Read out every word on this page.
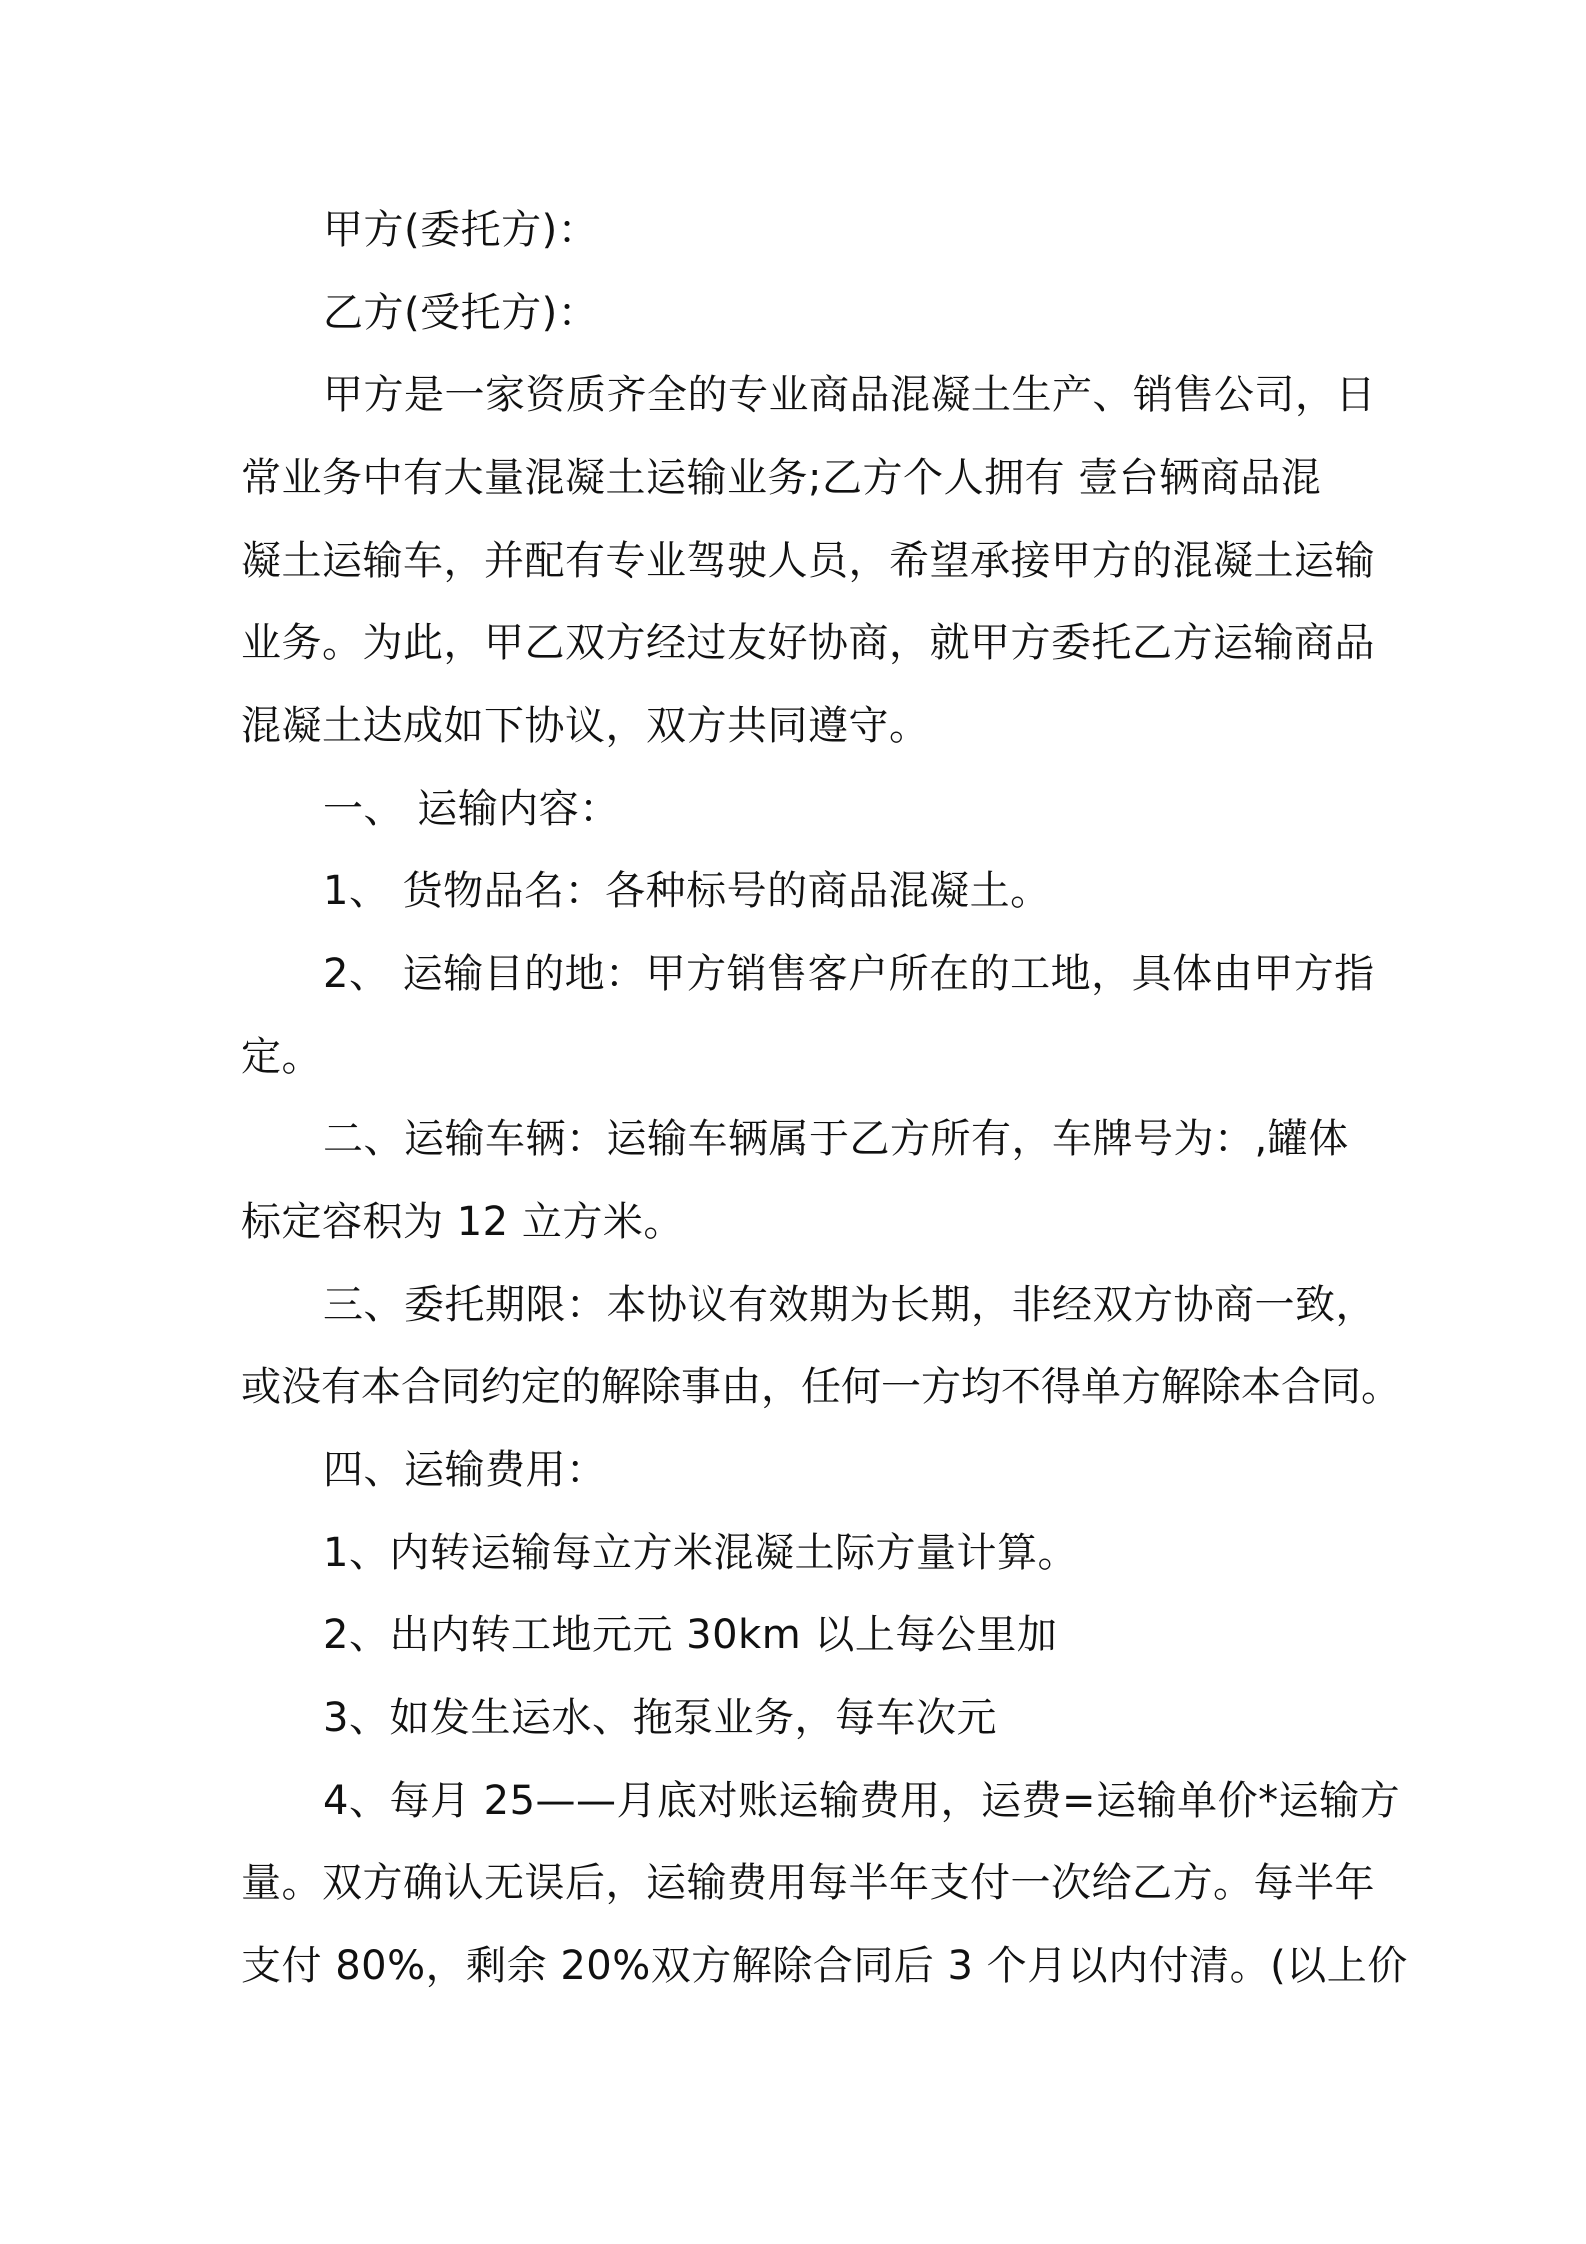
甲方(委托方)：
乙方(受托方)：
甲方是一家资质齐全的专业商品混凝土生产、销售公司，日
常业务中有大量混凝土运输业务;乙方个人拥有 壹台辆商品混
凝土运输车，并配有专业驾驶人员，希望承接甲方的混凝土运输
业务。为此，甲乙双方经过友好协商，就甲方委托乙方运输商品
混凝土达成如下协议，双方共同遵守。
一、 运输内容：
1、 货物品名：各种标号的商品混凝土。
2、 运输目的地：甲方销售客户所在的工地，具体由甲方指
定。
二、运输车辆：运输车辆属于乙方所有，车牌号为：,罐体
标定容积为 12 立方米。
三、委托期限：本协议有效期为长期，非经双方协商一致，
或没有本合同约定的解除事由，任何一方均不得单方解除本合同。
四、运输费用：
1、内转运输每立方米混凝土际方量计算。
2、出内转工地元元 30km 以上每公里加
3、如发生运水、拖泵业务，每车次元
4、每月 25——月底对账运输费用，运费=运输单价*运输方
量。双方确认无误后，运输费用每半年支付一次给乙方。每半年
支付 80%，剩余 20%双方解除合同后 3 个月以内付清。(以上价
